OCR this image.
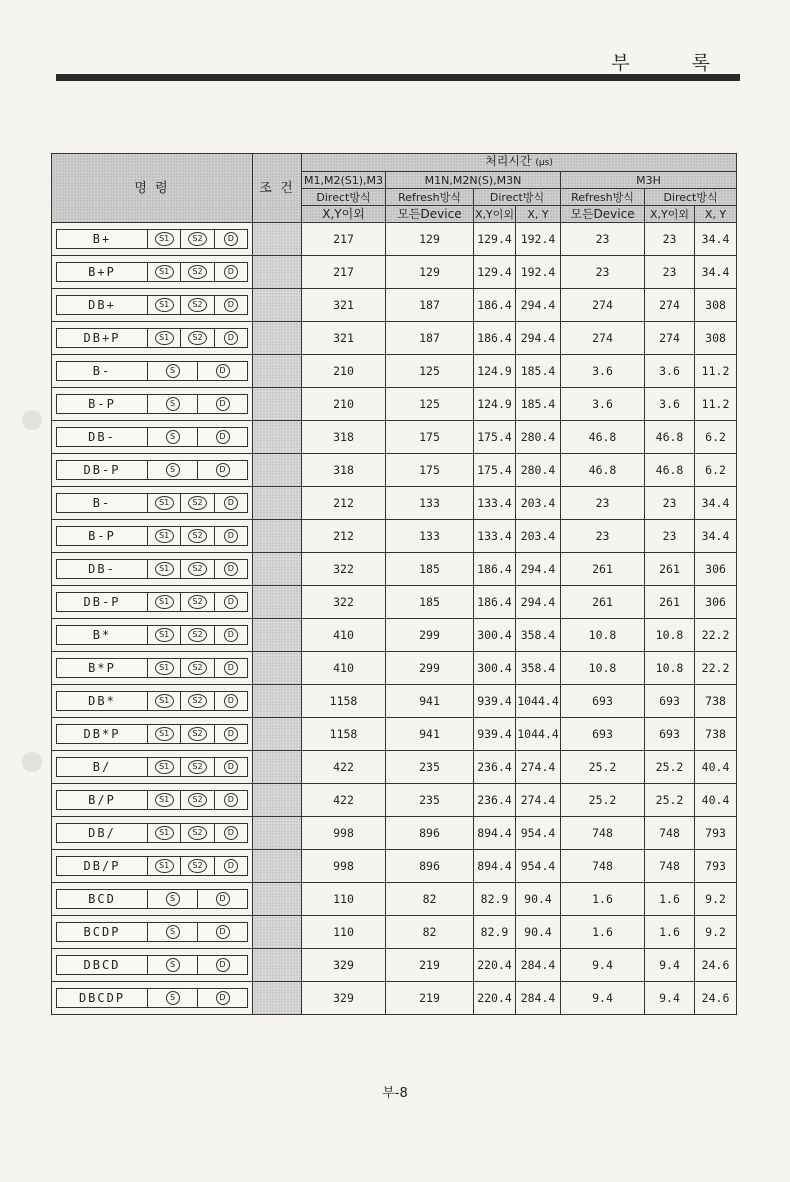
부 록
명 령	조 건	처리시간 (μs)						
		M1,M2(S1),M3	M1N,M2N(S),M3N			M3H		
		Direct방식	Refresh방식	Direct방식		Refresh방식	Direct방식	
		X,Y이외	모든Device	X,Y이외	X, Y	모든Device	X,Y이외	X, Y

B+ S1 S2 D		217	129	129.4	192.4	23	23	34.4

B+P S1 S2 D		217	129	129.4	192.4	23	23	34.4

DB+ S1 S2 D		321	187	186.4	294.4	274	274	308

DB+P S1 S2 D		321	187	186.4	294.4	274	274	308

B- S D		210	125	124.9	185.4	3.6	3.6	11.2

B-P S D		210	125	124.9	185.4	3.6	3.6	11.2

DB- S D		318	175	175.4	280.4	46.8	46.8	6.2

DB-P S D		318	175	175.4	280.4	46.8	46.8	6.2

B- S1 S2 D		212	133	133.4	203.4	23	23	34.4

B-P S1 S2 D		212	133	133.4	203.4	23	23	34.4

DB- S1 S2 D		322	185	186.4	294.4	261	261	306

DB-P S1 S2 D		322	185	186.4	294.4	261	261	306

B* S1 S2 D		410	299	300.4	358.4	10.8	10.8	22.2

B*P S1 S2 D		410	299	300.4	358.4	10.8	10.8	22.2

DB* S1 S2 D		1158	941	939.4	1044.4	693	693	738

DB*P S1 S2 D		1158	941	939.4	1044.4	693	693	738

B/ S1 S2 D		422	235	236.4	274.4	25.2	25.2	40.4

B/P S1 S2 D		422	235	236.4	274.4	25.2	25.2	40.4

DB/ S1 S2 D		998	896	894.4	954.4	748	748	793

DB/P S1 S2 D		998	896	894.4	954.4	748	748	793

BCD S D		110	82	82.9	90.4	1.6	1.6	9.2

BCDP S D		110	82	82.9	90.4	1.6	1.6	9.2

DBCD S D		329	219	220.4	284.4	9.4	9.4	24.6

DBCDP S D		329	219	220.4	284.4	9.4	9.4	24.6
부-8
